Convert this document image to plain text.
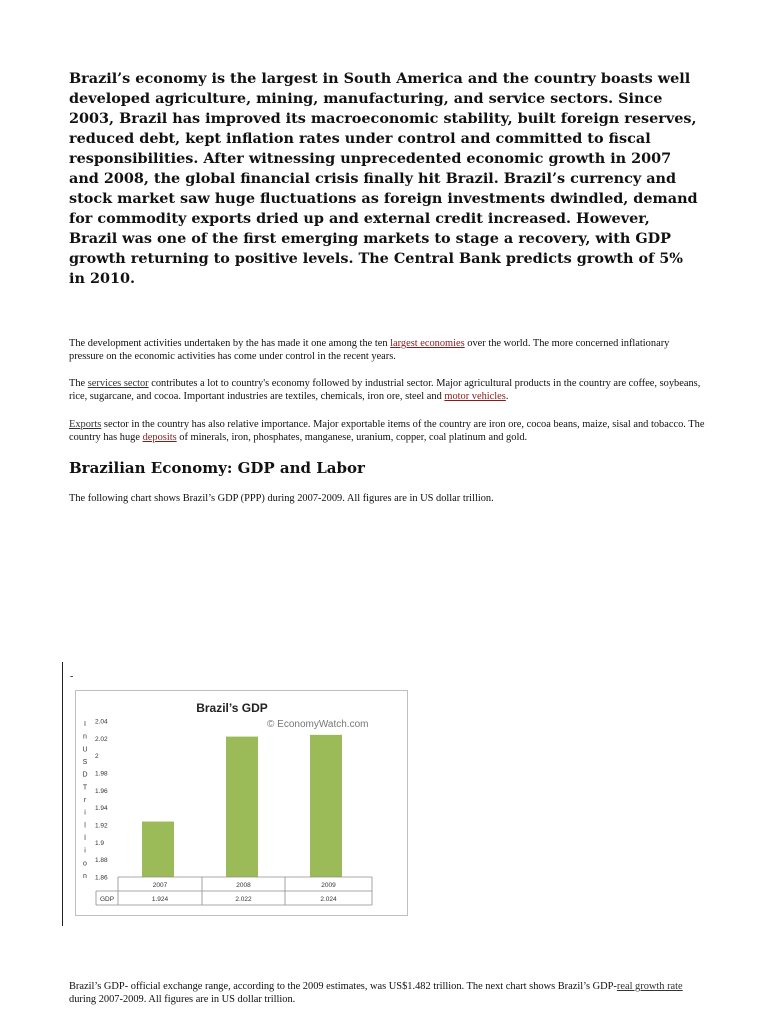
Brazil’s economy is the largest in South America and the country boasts well developed agriculture, mining, manufacturing, and service sectors. Since 2003, Brazil has improved its macroeconomic stability, built foreign reserves, reduced debt, kept inflation rates under control and committed to fiscal responsibilities. After witnessing unprecedented economic growth in 2007 and 2008, the global financial crisis finally hit Brazil. Brazil’s currency and stock market saw huge fluctuations as foreign investments dwindled, demand for commodity exports dried up and external credit increased. However, Brazil was one of the first emerging markets to stage a recovery, with GDP growth returning to positive levels. The Central Bank predicts growth of 5% in 2010.

The development activities undertaken by the has made it one among the ten largest economies over the world. The more concerned inflationary pressure on the economic activities has come under control in the recent years.

The services sector contributes a lot to country's economy followed by industrial sector. Major agricultural products in the country are coffee, soybeans, rice, sugarcane, and cocoa. Important industries are textiles, chemicals, iron ore, steel and motor vehicles.

Exports sector in the country has also relative importance. Major exportable items of the country are iron ore, cocoa beans, maize, sisal and tobacco. The country has huge deposits of minerals, iron, phosphates, manganese, uranium, copper, coal platinum and gold.

Brazilian Economy: GDP and Labor

The following chart shows Brazil’s GDP (PPP) during 2007-2009. All figures are in US dollar trillion.

-
Brazil’s GDP
© EconomyWatch.com
I
n
U
S
D
T
r
i
l
l
i
o
n
2.04
2.02
2
1.98
1.96
1.94
1.92
1.9
1.88
1.86
GDP
2007
1.924
2008
2.022
2009
2.024

Brazil’s GDP- official exchange range, according to the 2009 estimates, was US$1.482 trillion. The next chart shows Brazil’s GDP-real growth rate during 2007-2009. All figures are in US dollar trillion.
